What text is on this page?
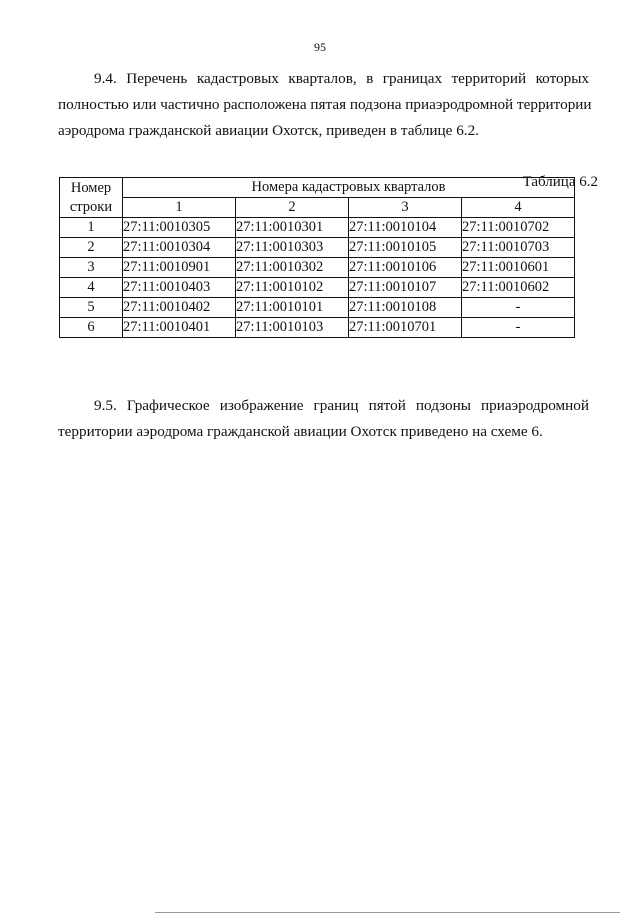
95
9.4. Перечень кадастровых кварталов, в границах территорий которых
полностью или частично расположена пятая подзона приаэродромной территории
аэродрома гражданской авиации Охотск, приведен в таблице 6.2.
Таблица 6.2
Номер
строки	Номера кадастровых кварталов			
	1	2	3	4
1	27:11:0010305	27:11:0010301	27:11:0010104	27:11:0010702
2	27:11:0010304	27:11:0010303	27:11:0010105	27:11:0010703
3	27:11:0010901	27:11:0010302	27:11:0010106	27:11:0010601
4	27:11:0010403	27:11:0010102	27:11:0010107	27:11:0010602
5	27:11:0010402	27:11:0010101	27:11:0010108	-
6	27:11:0010401	27:11:0010103	27:11:0010701	-
9.5. Графическое изображение границ пятой подзоны приаэродромной
территории аэродрома гражданской авиации Охотск приведено на схеме 6.
